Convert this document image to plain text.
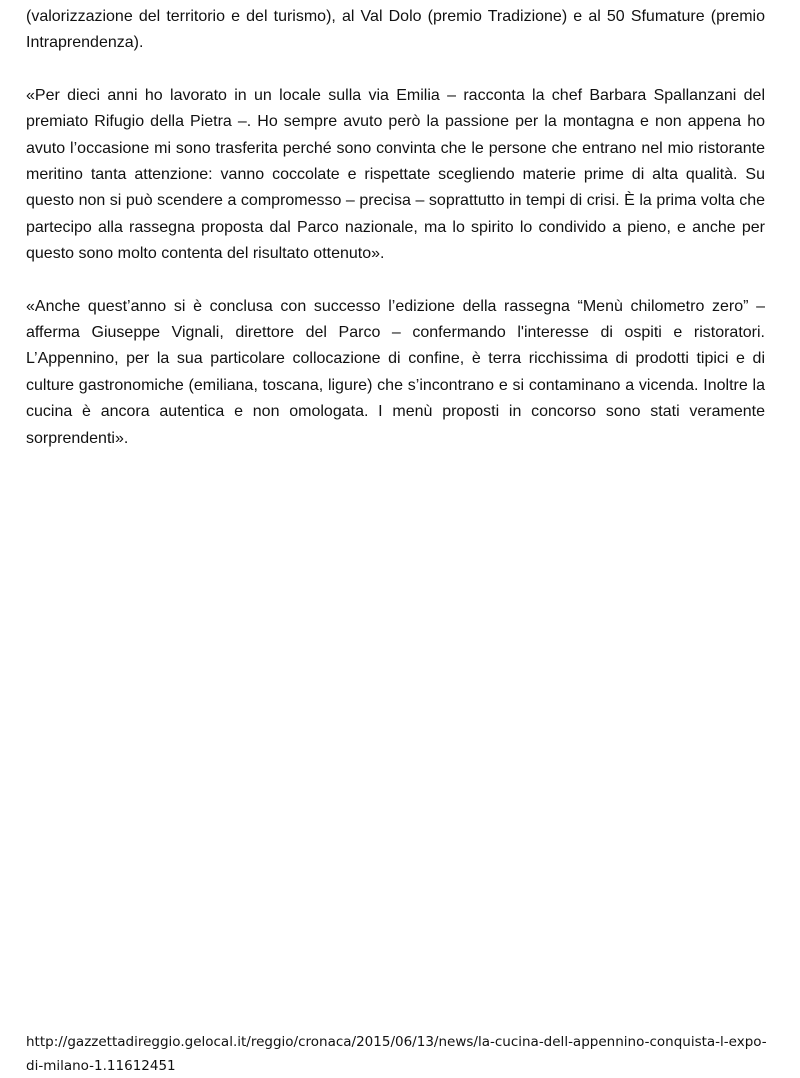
(valorizzazione del territorio e del turismo), al Val Dolo (premio Tradizione) e al 50 Sfumature (premio Intraprendenza).

«Per dieci anni ho lavorato in un locale sulla via Emilia – racconta la chef Barbara Spallanzani del premiato Rifugio della Pietra –. Ho sempre avuto però la passione per la montagna e non appena ho avuto l’occasione mi sono trasferita perché sono convinta che le persone che entrano nel mio ristorante meritino tanta attenzione: vanno coccolate e rispettate scegliendo materie prime di alta qualità. Su questo non si può scendere a compromesso – precisa – soprattutto in tempi di crisi. È la prima volta che partecipo alla rassegna proposta dal Parco nazionale, ma lo spirito lo condivido a pieno, e anche per questo sono molto contenta del risultato ottenuto».

«Anche quest’anno si è conclusa con successo l’edizione della rassegna “Menù chilometro zero” – afferma Giuseppe Vignali, direttore del Parco – confermando l'interesse di ospiti e ristoratori. L’Appennino, per la sua particolare collocazione di confine, è terra ricchissima di prodotti tipici e di culture gastronomiche (emiliana, toscana, ligure) che s’incontrano e si contaminano a vicenda. Inoltre la cucina è ancora autentica e non omologata. I menù proposti in concorso sono stati veramente sorprendenti».

http://gazzettadireggio.gelocal.it/reggio/cronaca/2015/06/13/news/la-cucina-dell-appennino-conquista-l-expo-di-milano-1.11612451
